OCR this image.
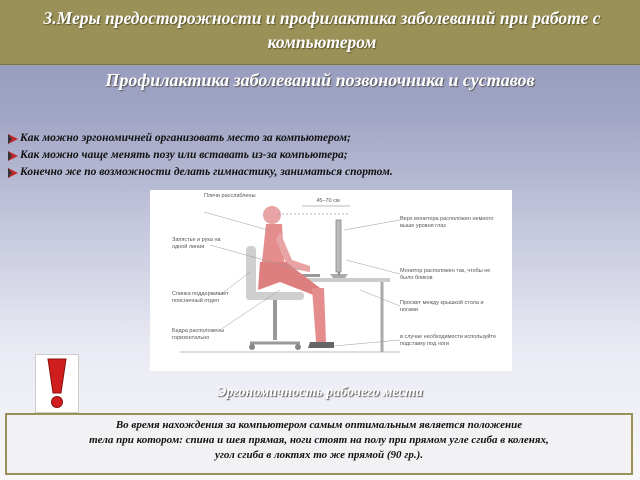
3.Меры предосторожности и профилактика заболеваний при работе с компьютером
Профилактика заболеваний позвоночника и суставов
Как можно эргономичней организовать место за компьютером;
Как можно чаще менять позу или вставать из-за компьютера;
Конечно же по возможности делать гимнастику, заниматься спортом.
Плечи расслаблены
Запястье и рука на одной линии
Спинка поддерживает поясничный отдел
Бедра расположены горизонтально
45–70 см
Верх монитора расположен немного выше уровня глаз
Монитор расположен так, чтобы не было бликов
Просвет между крышкой стола и ногами
в случае необходимости используйте подставку под ноги
Эргономичность рабочего места
Во время нахождения за компьютером самым оптимальным является положение
тела при котором: спина и шея прямая, ноги стоят на полу при прямом угле сгиба в коленях,
угол сгиба в локтях то же прямой (90 гр.).
